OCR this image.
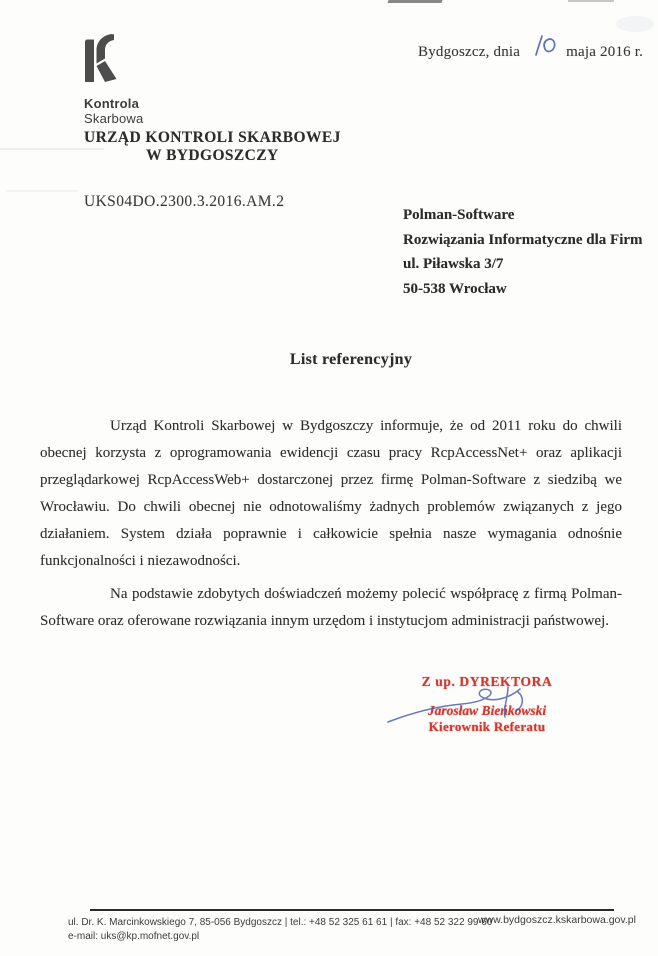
Bydgoszcz, dnia	maja 2016 r.
Kontrola
Skarbowa
URZĄD KONTROLI SKARBOWEJ
W BYDGOSZCZY
UKS04DO.2300.3.2016.AM.2
Polman-Software
Rozwiązania Informatyczne dla Firm
ul. Piławska 3/7
50-538 Wrocław
List referencyjny

Urząd Kontroli Skarbowej w Bydgoszczy informuje, że od 2011 roku do chwili obecnej korzysta z oprogramowania ewidencji czasu pracy RcpAccessNet+ oraz aplikacji przeglądarkowej RcpAccessWeb+ dostarczonej przez firmę Polman-Software z siedzibą we Wrocławiu. Do chwili obecnej nie odnotowaliśmy żadnych problemów związanych z jego działaniem. System działa poprawnie i całkowicie spełnia nasze wymagania odnośnie funkcjonalności i niezawodności.

Na podstawie zdobytych doświadczeń możemy polecić współpracę z firmą Polman-Software oraz oferowane rozwiązania innym urzędom i instytucjom administracji państwowej.

Z up. DYREKTORA
Jarosław Bieńkowski
Kierownik Referatu
ul. Dr. K. Marcinkowskiego 7, 85-056 Bydgoszcz | tel.: +48 52 325 61 61 | fax: +48 52 322 99 60
e-mail: uks@kp.mofnet.gov.pl
www.bydgoszcz.kskarbowa.gov.pl
